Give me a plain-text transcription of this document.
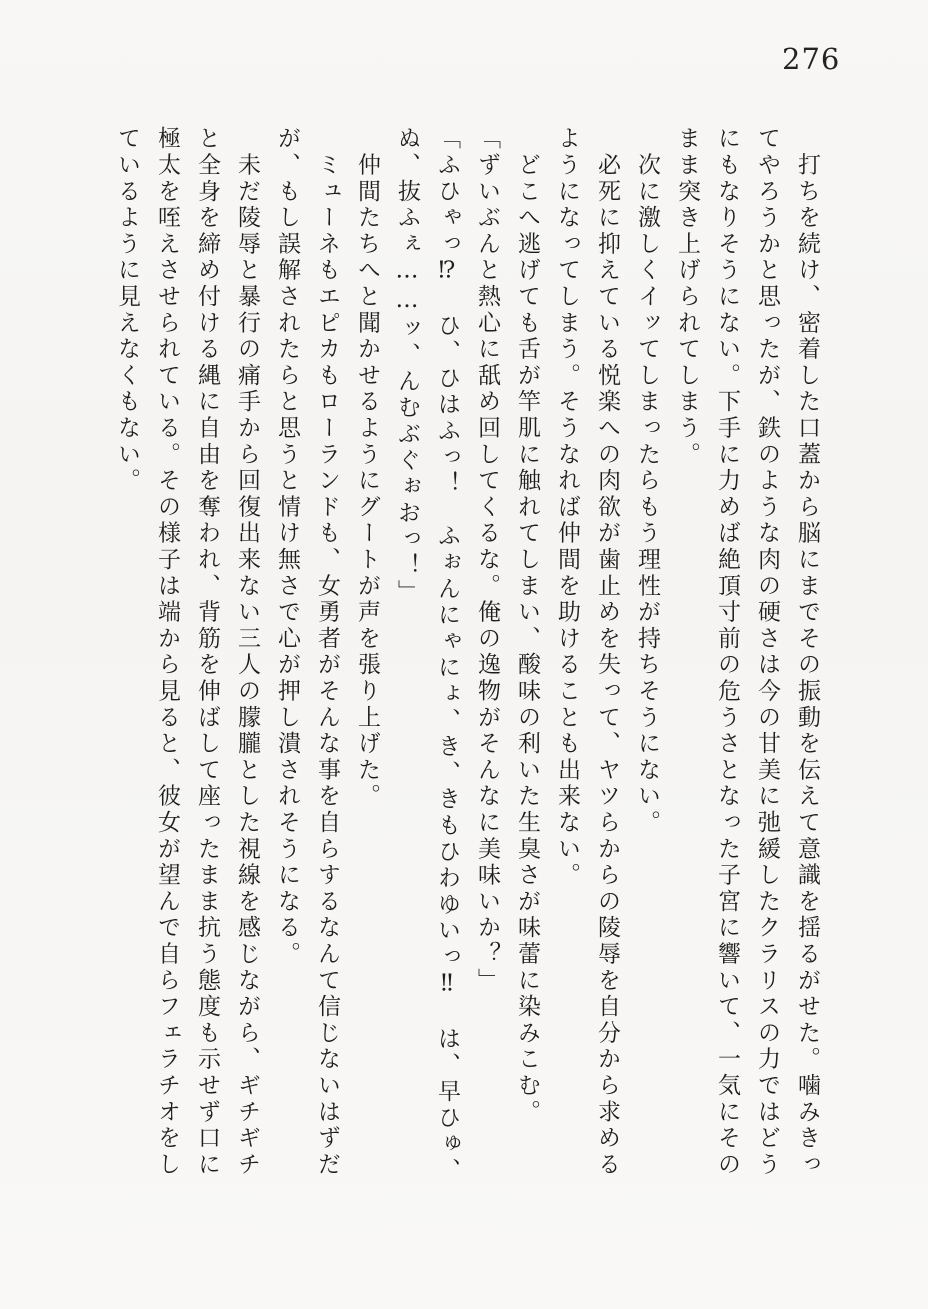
276

　打ちを続け、密着した口蓋から脳にまでその振動を伝えて意識を揺るがせた。噛みきってやろうかと思ったが、鉄のような肉の硬さは今の甘美に弛緩したクラリスの力ではどうにもなりそうにない。下手に力めば絶頂寸前の危うさとなった子宮に響いて、一気にそのまま突き上げられてしまう。

　次に激しくイッてしまったらもう理性が持ちそうにない。

　必死に抑えている悦楽への肉欲が歯止めを失って、ヤツらからの陵辱を自分から求めるようになってしまう。そうなれば仲間を助けることも出来ない。

　どこへ逃げても舌が竿肌に触れてしまい、酸味の利いた生臭さが味蕾に染みこむ。

「ずいぶんと熱心に舐め回してくるな。俺の逸物がそんなに美味いか？」

「ふひゃっ⁉　ひ、ひはふっ！　ふぉんにゃにょ、き、きもひわゆいっ‼　は、早ひゅ、ぬ、抜ふぇ……ッ、んむぶぐぉおっ！」

　仲間たちへと聞かせるようにグートが声を張り上げた。

　ミューネもエピカもローランドも、女勇者がそんな事を自らするなんて信じないはずだが、もし誤解されたらと思うと情け無さで心が押し潰されそうになる。

　未だ陵辱と暴行の痛手から回復出来ない三人の朦朧とした視線を感じながら、ギチギチと全身を締め付ける縄に自由を奪われ、背筋を伸ばして座ったまま抗う態度も示せず口に極太を咥えさせられている。その様子は端から見ると、彼女が望んで自らフェラチオをしているように見えなくもない。
